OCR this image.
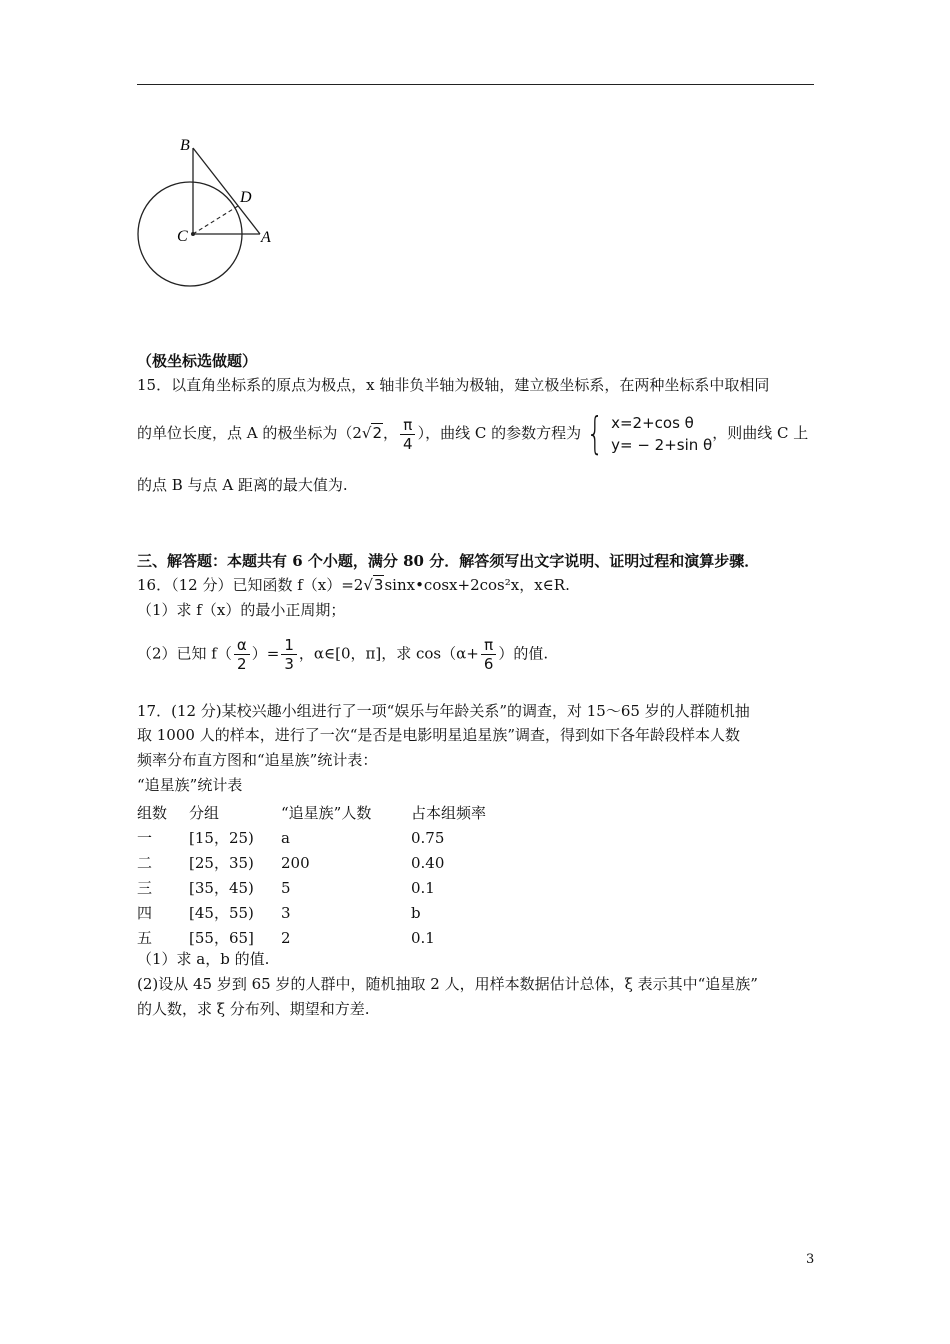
B
D
C	A
（极坐标选做题）
15．以直角坐标系的原点为极点，x 轴非负半轴为极轴，建立极坐标系，在两种坐标系中取相同
的单位长度，点 A 的极坐标为（2√2， $\frac{\pi}{4}$ ），曲线 C 的参数方程为 { x=2+cos θ
y= − 2+sin θ
，则曲线 C 上
的点 B 与点 A 距离的最大值为.
三、解答题：本题共有 6 个小题，满分 80 分．解答须写出文字说明、证明过程和演算步骤．
16．（12 分）已知函数 f（x）=2√3sinx•cosx+2cos²x，x∈R.
（1）求 f（x）的最小正周期；
（2）已知 $f( \frac{\alpha}{2}$ ）= $\frac{1}{3}$ ，α∈[0，π]，求 $\cos(\alpha+ \frac{\pi}{6}$ ）的值.
17．(12 分)某校兴趣小组进行了一项“娱乐与年龄关系”的调查，对 15～65 岁的人群随机抽
取 1000 人的样本，进行了一次“是否是电影明星追星族”调查，得到如下各年龄段样本人数
频率分布直方图和“追星族”统计表：
“追星族”统计表
组数	分组	“追星族”人数	占本组频率
一	[15，25)	a	0.75
二	[25，35)	200	0.40
三	[35，45)	5	0.1
四	[45，55)	3	b
五	[55，65]	2	0.1
（1）求 a，b 的值.
(2)设从 45 岁到 65 岁的人群中，随机抽取 2 人，用样本数据估计总体，ξ 表示其中“追星族”
的人数，求 ξ 分布列、期望和方差.
3
